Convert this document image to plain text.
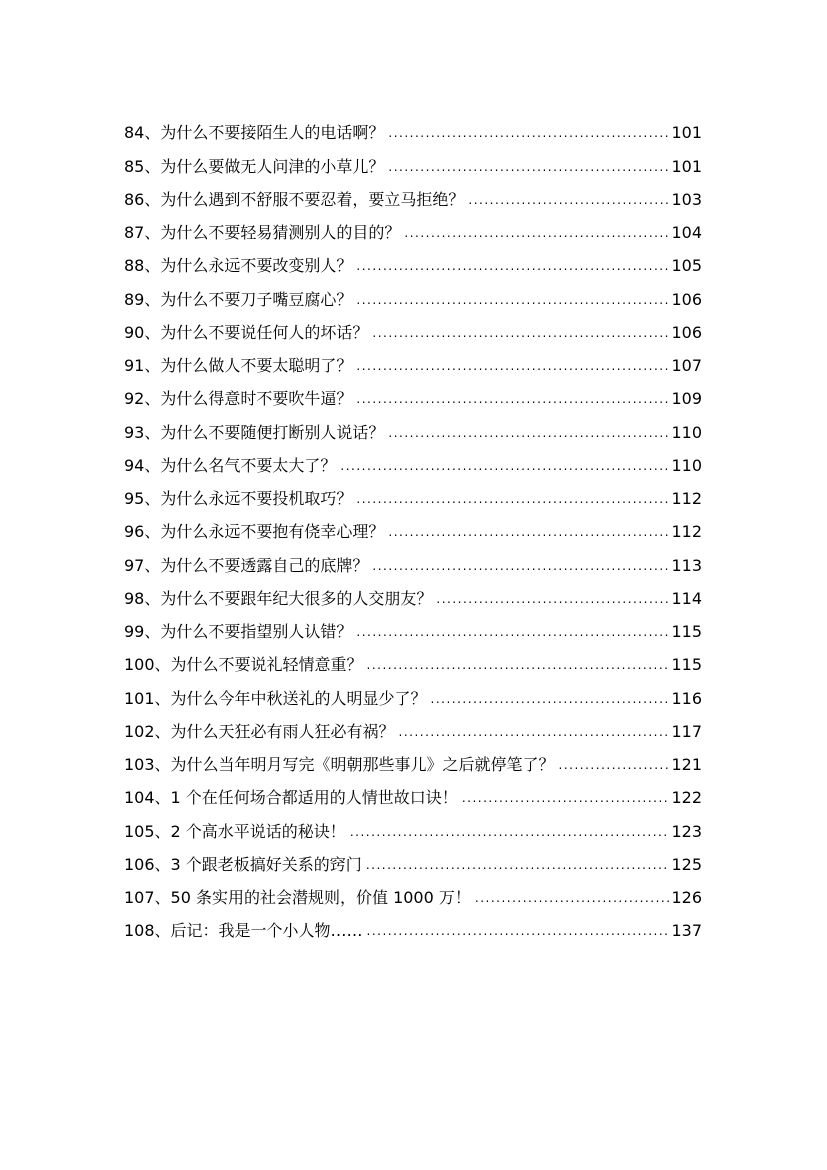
84、为什么不要接陌生人的电话啊？ .....	101
85、为什么要做无人问津的小草儿？ .....	101
86、为什么遇到不舒服不要忍着，要立马拒绝？ .....	103
87、为什么不要轻易猜测别人的目的？ .....	104
88、为什么永远不要改变别人？ .....	105
89、为什么不要刀子嘴豆腐心？ .....	106
90、为什么不要说任何人的坏话？ .....	106
91、为什么做人不要太聪明了？ .....	107
92、为什么得意时不要吹牛逼？ .....	109
93、为什么不要随便打断别人说话？ .....	110
94、为什么名气不要太大了？ .....	110
95、为什么永远不要投机取巧？ .....	112
96、为什么永远不要抱有侥幸心理？ .....	112
97、为什么不要透露自己的底牌？ .....	113
98、为什么不要跟年纪大很多的人交朋友？ .....	114
99、为什么不要指望别人认错？ .....	115
100、为什么不要说礼轻情意重？ .....	115
101、为什么今年中秋送礼的人明显少了？ .....	116
102、为什么天狂必有雨人狂必有祸？ .....	117
103、为什么当年明月写完《明朝那些事儿》之后就停笔了？ .....	121
104、1 个在任何场合都适用的人情世故口诀！ .....	122
105、2 个高水平说话的秘诀！ .....	123
106、3 个跟老板搞好关系的窍门 .....	125
107、50 条实用的社会潜规则，价值 1000 万！ .....	126
108、后记：我是一个小人物…… .....	137
